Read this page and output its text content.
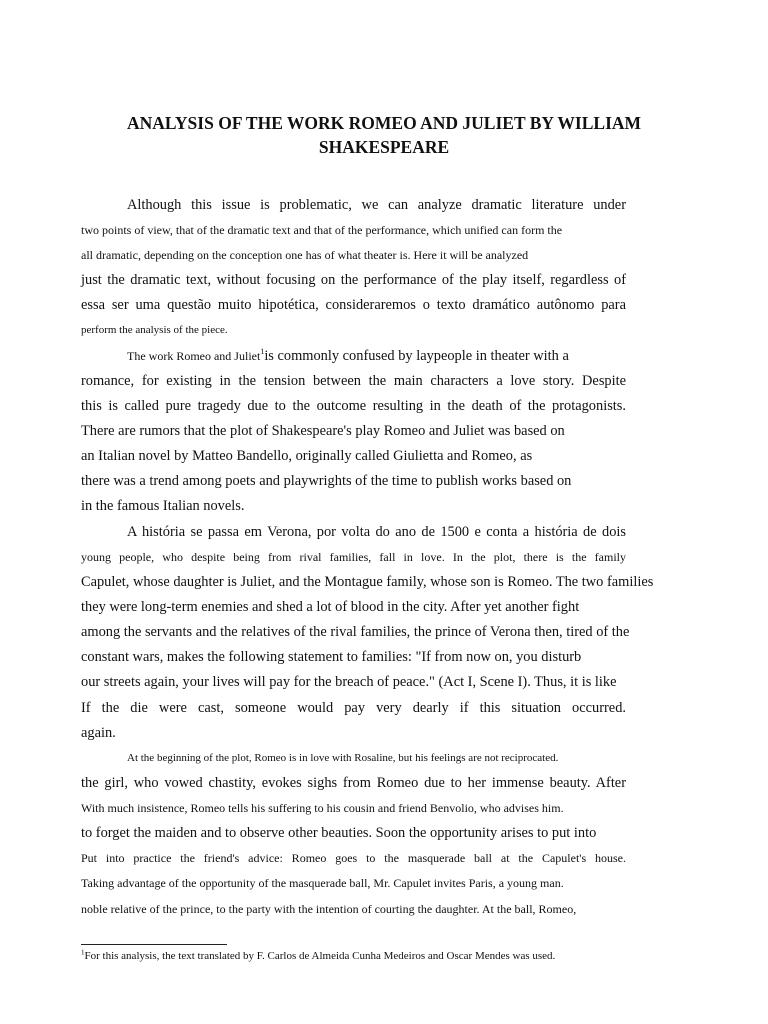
ANALYSIS OF THE WORK ROMEO AND JULIET BY WILLIAM
SHAKESPEARE
Although this issue is problematic, we can analyze dramatic literature under
two points of view, that of the dramatic text and that of the performance, which unified can form the
all dramatic, depending on the conception one has of what theater is. Here it will be analyzed
just the dramatic text, without focusing on the performance of the play itself, regardless of
essa ser uma questão muito hipotética, consideraremos o texto dramático autônomo para
perform the analysis of the piece.
The work Romeo and Juliet$^1$is commonly confused by laypeople in theater with a
romance, for existing in the tension between the main characters a love story. Despite
this is called pure tragedy due to the outcome resulting in the death of the protagonists.
There are rumors that the plot of Shakespeare's play Romeo and Juliet was based on
an Italian novel by Matteo Bandello, originally called Giulietta and Romeo, as
there was a trend among poets and playwrights of the time to publish works based on
in the famous Italian novels.
A história se passa em Verona, por volta do ano de 1500 e conta a história de dois
young people, who despite being from rival families, fall in love. In the plot, there is the family
Capulet, whose daughter is Juliet, and the Montague family, whose son is Romeo. The two families
they were long-term enemies and shed a lot of blood in the city. After yet another fight
among the servants and the relatives of the rival families, the prince of Verona then, tired of the
constant wars, makes the following statement to families: "If from now on, you disturb
our streets again, your lives will pay for the breach of peace." (Act I, Scene I). Thus, it is like
If the die were cast, someone would pay very dearly if this situation occurred.
again.
At the beginning of the plot, Romeo is in love with Rosaline, but his feelings are not reciprocated.
the girl, who vowed chastity, evokes sighs from Romeo due to her immense beauty. After
With much insistence, Romeo tells his suffering to his cousin and friend Benvolio, who advises him.
to forget the maiden and to observe other beauties. Soon the opportunity arises to put into
Put into practice the friend's advice: Romeo goes to the masquerade ball at the Capulet's house.
Taking advantage of the opportunity of the masquerade ball, Mr. Capulet invites Paris, a young man.
noble relative of the prince, to the party with the intention of courting the daughter. At the ball, Romeo,
$^1$For this analysis, the text translated by F. Carlos de Almeida Cunha Medeiros and Oscar Mendes was used.
